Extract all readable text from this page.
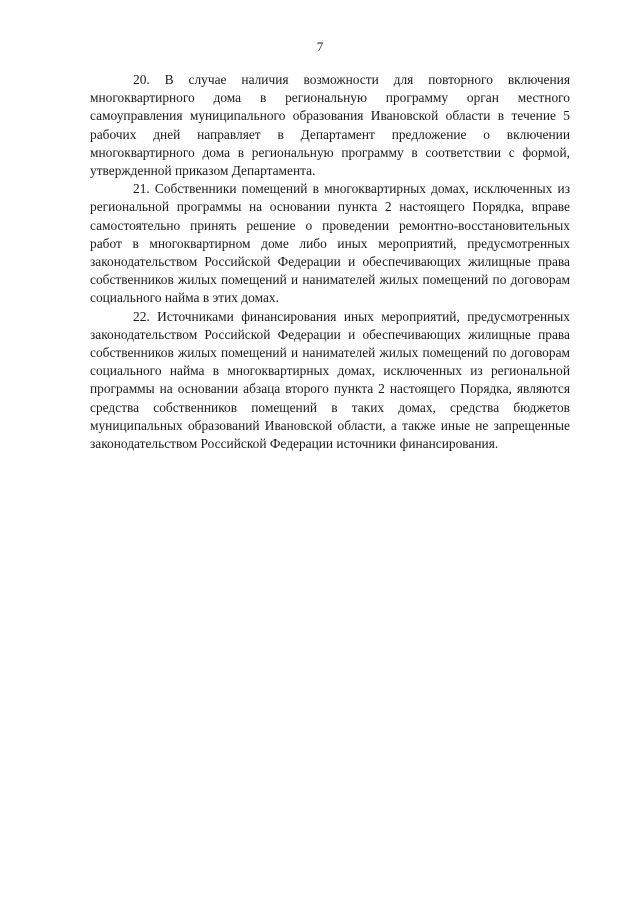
7

20. В случае наличия возможности для повторного включения многоквартирного дома в региональную программу орган местного самоуправления муниципального образования Ивановской области в течение 5 рабочих дней направляет в Департамент предложение о включении многоквартирного дома в региональную программу в соответствии с формой, утвержденной приказом Департамента.

21. Собственники помещений в многоквартирных домах, исключенных из региональной программы на основании пункта 2 настоящего Порядка, вправе самостоятельно принять решение о проведении ремонтно-восстановительных работ в многоквартирном доме либо иных мероприятий, предусмотренных законодательством Российской Федерации и обеспечивающих жилищные права собственников жилых помещений и нанимателей жилых помещений по договорам социального найма в этих домах.

22. Источниками финансирования иных мероприятий, предусмотренных законодательством Российской Федерации и обеспечивающих жилищные права собственников жилых помещений и нанимателей жилых помещений по договорам социального найма в многоквартирных домах, исключенных из региональной программы на основании абзаца второго пункта 2 настоящего Порядка, являются средства собственников помещений в таких домах, средства бюджетов муниципальных образований Ивановской области, а также иные не запрещенные законодательством Российской Федерации источники финансирования.
